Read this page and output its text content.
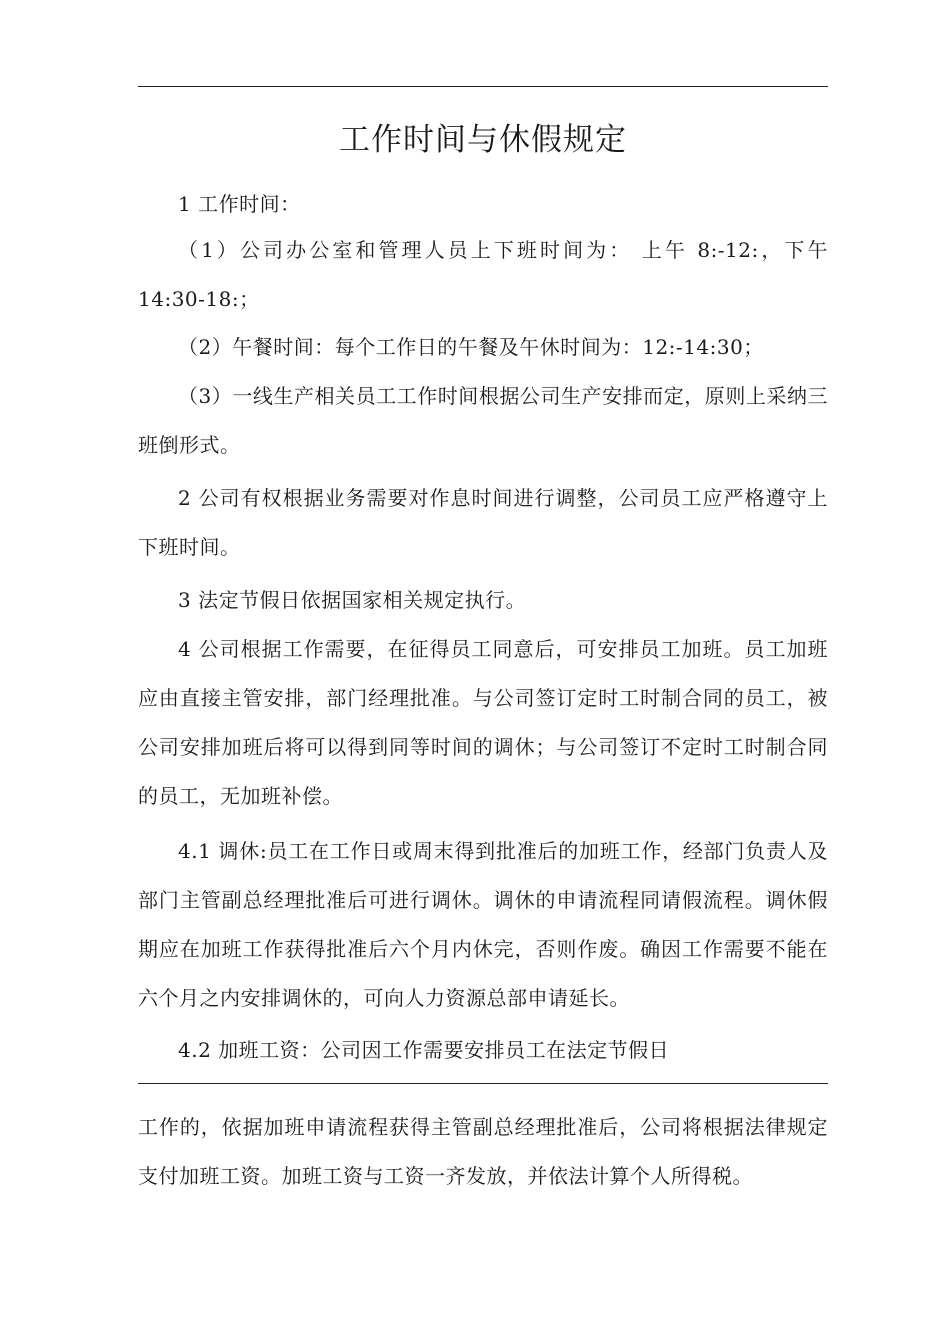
工作时间与休假规定

1 工作时间：

（1）公司办公室和管理人员上下班时间为： 上午 8:-12:，下午 14:30-18:；

（2）午餐时间：每个工作日的午餐及午休时间为：12:-14:30；

（3）一线生产相关员工工作时间根据公司生产安排而定，原则上采纳三班倒形式。

2 公司有权根据业务需要对作息时间进行调整，公司员工应严格遵守上下班时间。

3 法定节假日依据国家相关规定执行。

4 公司根据工作需要，在征得员工同意后，可安排员工加班。员工加班应由直接主管安排，部门经理批准。与公司签订定时工时制合同的员工，被公司安排加班后将可以得到同等时间的调休；与公司签订不定时工时制合同的员工，无加班补偿。

4.1 调休:员工在工作日或周末得到批准后的加班工作，经部门负责人及部门主管副总经理批准后可进行调休。调休的申请流程同请假流程。调休假期应在加班工作获得批准后六个月内休完，否则作废。确因工作需要不能在六个月之内安排调休的，可向人力资源总部申请延长。

4.2 加班工资：公司因工作需要安排员工在法定节假日

工作的，依据加班申请流程获得主管副总经理批准后，公司将根据法律规定支付加班工资。加班工资与工资一齐发放，并依法计算个人所得税。
